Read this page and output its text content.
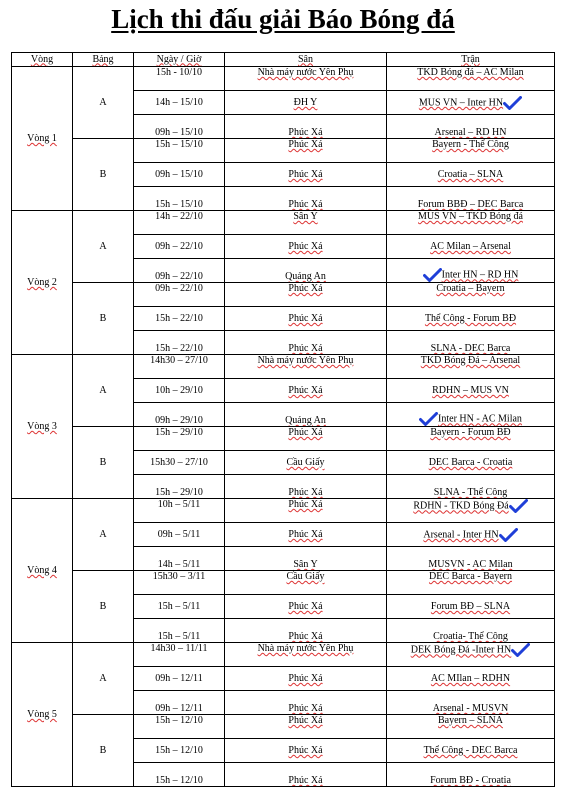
Lịch thi đấu giải Báo Bóng đá
Vòng	Bảng	Ngày / Giờ	Sân	Trận
Vòng 1	A	15h - 10/10	Nhà máy nước Yên Phụ	TKD Bóng đá – AC Milan
		14h – 15/10	ĐH Y	MUS VN – Inter HN

		09h – 15/10	Phúc Xá	Arsenal – RD HN
	B	15h – 15/10	Phúc Xá	Bayern - Thể Công
		09h – 15/10	Phúc Xá	Croatia – SLNA
		15h – 15/10	Phúc Xá	Forum BBĐ – DEC Barca
Vòng 2	A	14h – 22/10	Sân Y	MUS VN – TKD Bóng đá
		09h – 22/10	Phúc Xá	AC Milan – Arsenal
		09h – 22/10	Quảng An	Inter HN – RD HN
	B	09h – 22/10	Phúc Xá	Croatia – Bayern
		15h – 22/10	Phúc Xá	Thể Công - Forum BĐ
		15h – 22/10	Phúc Xá	SLNA - DEC Barca
Vòng 3	A	14h30 – 27/10	Nhà máy nước Yên Phụ	TKD Bóng Đá – Arsenal
		10h – 29/10	Phúc Xá	RDHN – MUS VN
		09h – 29/10	Quảng An	Inter HN - AC Milan
	B	15h – 29/10	Phúc Xá	Bayern - Forum BĐ
		15h30 – 27/10	Cầu Giấy	DEC Barca - Croatia
		15h – 29/10	Phúc Xá	SLNA - Thể Công
Vòng 4	A	10h – 5/11	Phúc Xá	RDHN - TKD Bóng Đá

		09h – 5/11	Phúc Xá	Arsenal - Inter HN

		14h – 5/11	Sân Y	MUSVN - AC Milan
	B	15h30 – 3/11	Cầu Giấy	DEC Barca - Bayern
		15h – 5/11	Phúc Xá	Forum BĐ – SLNA
		15h – 5/11	Phúc Xá	Croatia- Thể Công
Vòng 5	A	14h30 – 11/11	Nhà máy nước Yên Phụ	DEK Bóng Đá -Inter HN

		09h – 12/11	Phúc Xá	AC MIlan – RDHN
		09h – 12/11	Phúc Xá	Arsenal - MUSVN
	B	15h – 12/10	Phúc Xá	Bayern – SLNA
		15h – 12/10	Phúc Xá	Thể Công - DEC Barca
		15h – 12/10	Phúc Xá	Forum BĐ - Croatia
